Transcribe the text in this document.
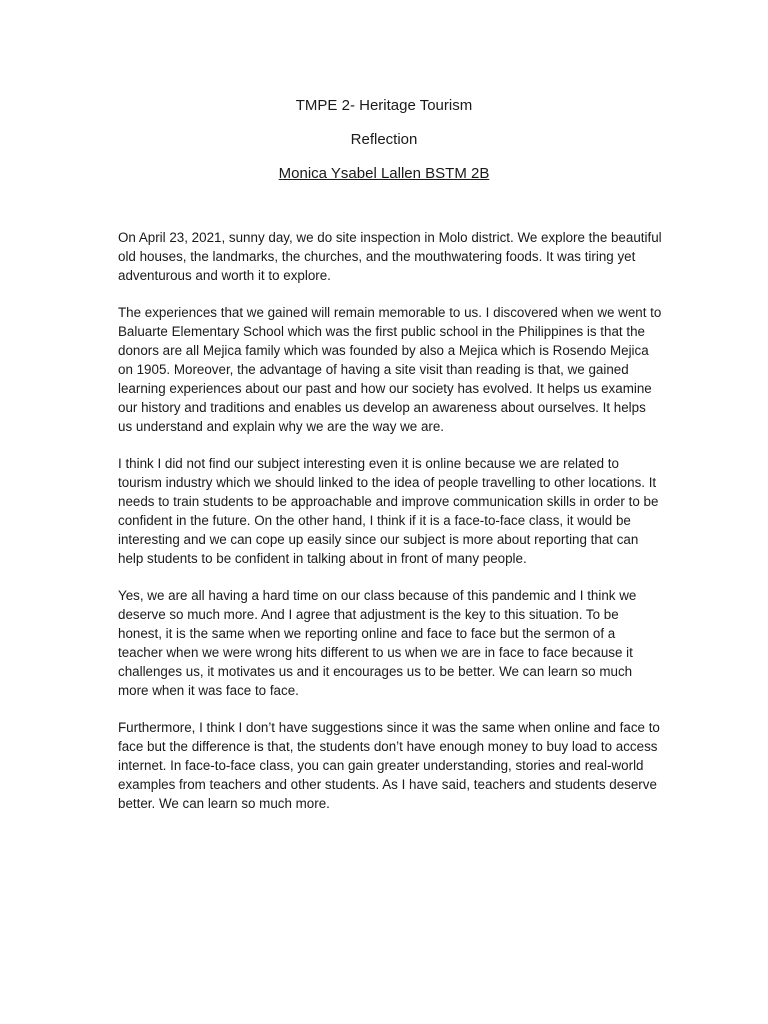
TMPE 2- Heritage Tourism
Reflection
Monica Ysabel Lallen BSTM 2B

On April 23, 2021, sunny day, we do site inspection in Molo district. We explore the beautiful old houses, the landmarks, the churches, and the mouthwatering foods. It was tiring yet adventurous and worth it to explore.

The experiences that we gained will remain memorable to us. I discovered when we went to Baluarte Elementary School which was the first public school in the Philippines is that the donors are all Mejica family which was founded by also a Mejica which is Rosendo Mejica on 1905. Moreover, the advantage of having a site visit than reading is that, we gained learning experiences about our past and how our society has evolved. It helps us examine our history and traditions and enables us develop an awareness about ourselves. It helps us understand and explain why we are the way we are.

I think I did not find our subject interesting even it is online because we are related to tourism industry which we should linked to the idea of people travelling to other locations. It needs to train students to be approachable and improve communication skills in order to be confident in the future. On the other hand, I think if it is a face-to-face class, it would be interesting and we can cope up easily since our subject is more about reporting that can help students to be confident in talking about in front of many people.

Yes, we are all having a hard time on our class because of this pandemic and I think we deserve so much more. And I agree that adjustment is the key to this situation. To be honest, it is the same when we reporting online and face to face but the sermon of a teacher when we were wrong hits different to us when we are in face to face because it challenges us, it motivates us and it encourages us to be better. We can learn so much more when it was face to face.

Furthermore, I think I don’t have suggestions since it was the same when online and face to face but the difference is that, the students don’t have enough money to buy load to access internet. In face-to-face class, you can gain greater understanding, stories and real-world examples from teachers and other students. As I have said, teachers and students deserve better. We can learn so much more.
